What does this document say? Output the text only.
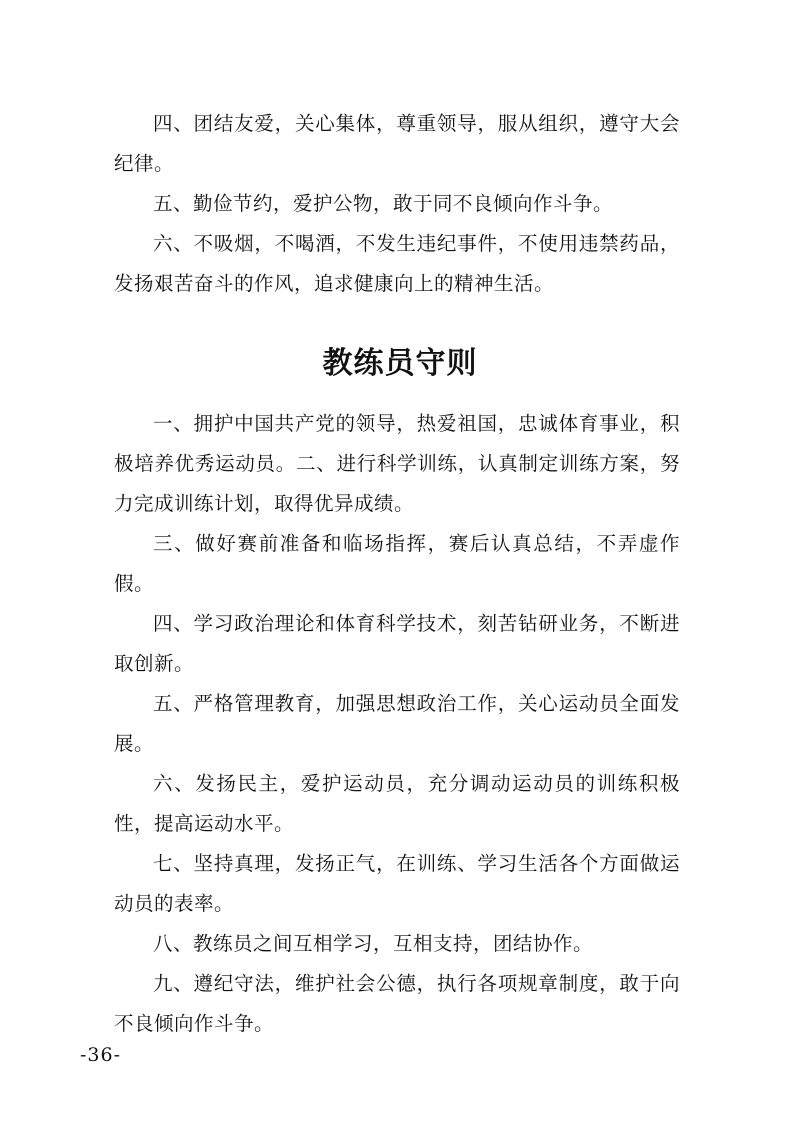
四、团结友爱，关心集体，尊重领导，服从组织，遵守大会纪律。

五、勤俭节约，爱护公物，敢于同不良倾向作斗争。

六、不吸烟，不喝酒，不发生违纪事件，不使用违禁药品，发扬艰苦奋斗的作风，追求健康向上的精神生活。

教练员守则

一、拥护中国共产党的领导，热爱祖国，忠诚体育事业，积极培养优秀运动员。二、进行科学训练，认真制定训练方案，努力完成训练计划，取得优异成绩。

三、做好赛前准备和临场指挥，赛后认真总结，不弄虚作假。

四、学习政治理论和体育科学技术，刻苦钻研业务，不断进取创新。

五、严格管理教育，加强思想政治工作，关心运动员全面发展。

六、发扬民主，爱护运动员，充分调动运动员的训练积极性，提高运动水平。

七、坚持真理，发扬正气，在训练、学习生活各个方面做运动员的表率。

八、教练员之间互相学习，互相支持，团结协作。

九、遵纪守法，维护社会公德，执行各项规章制度，敢于向不良倾向作斗争。

-36-
